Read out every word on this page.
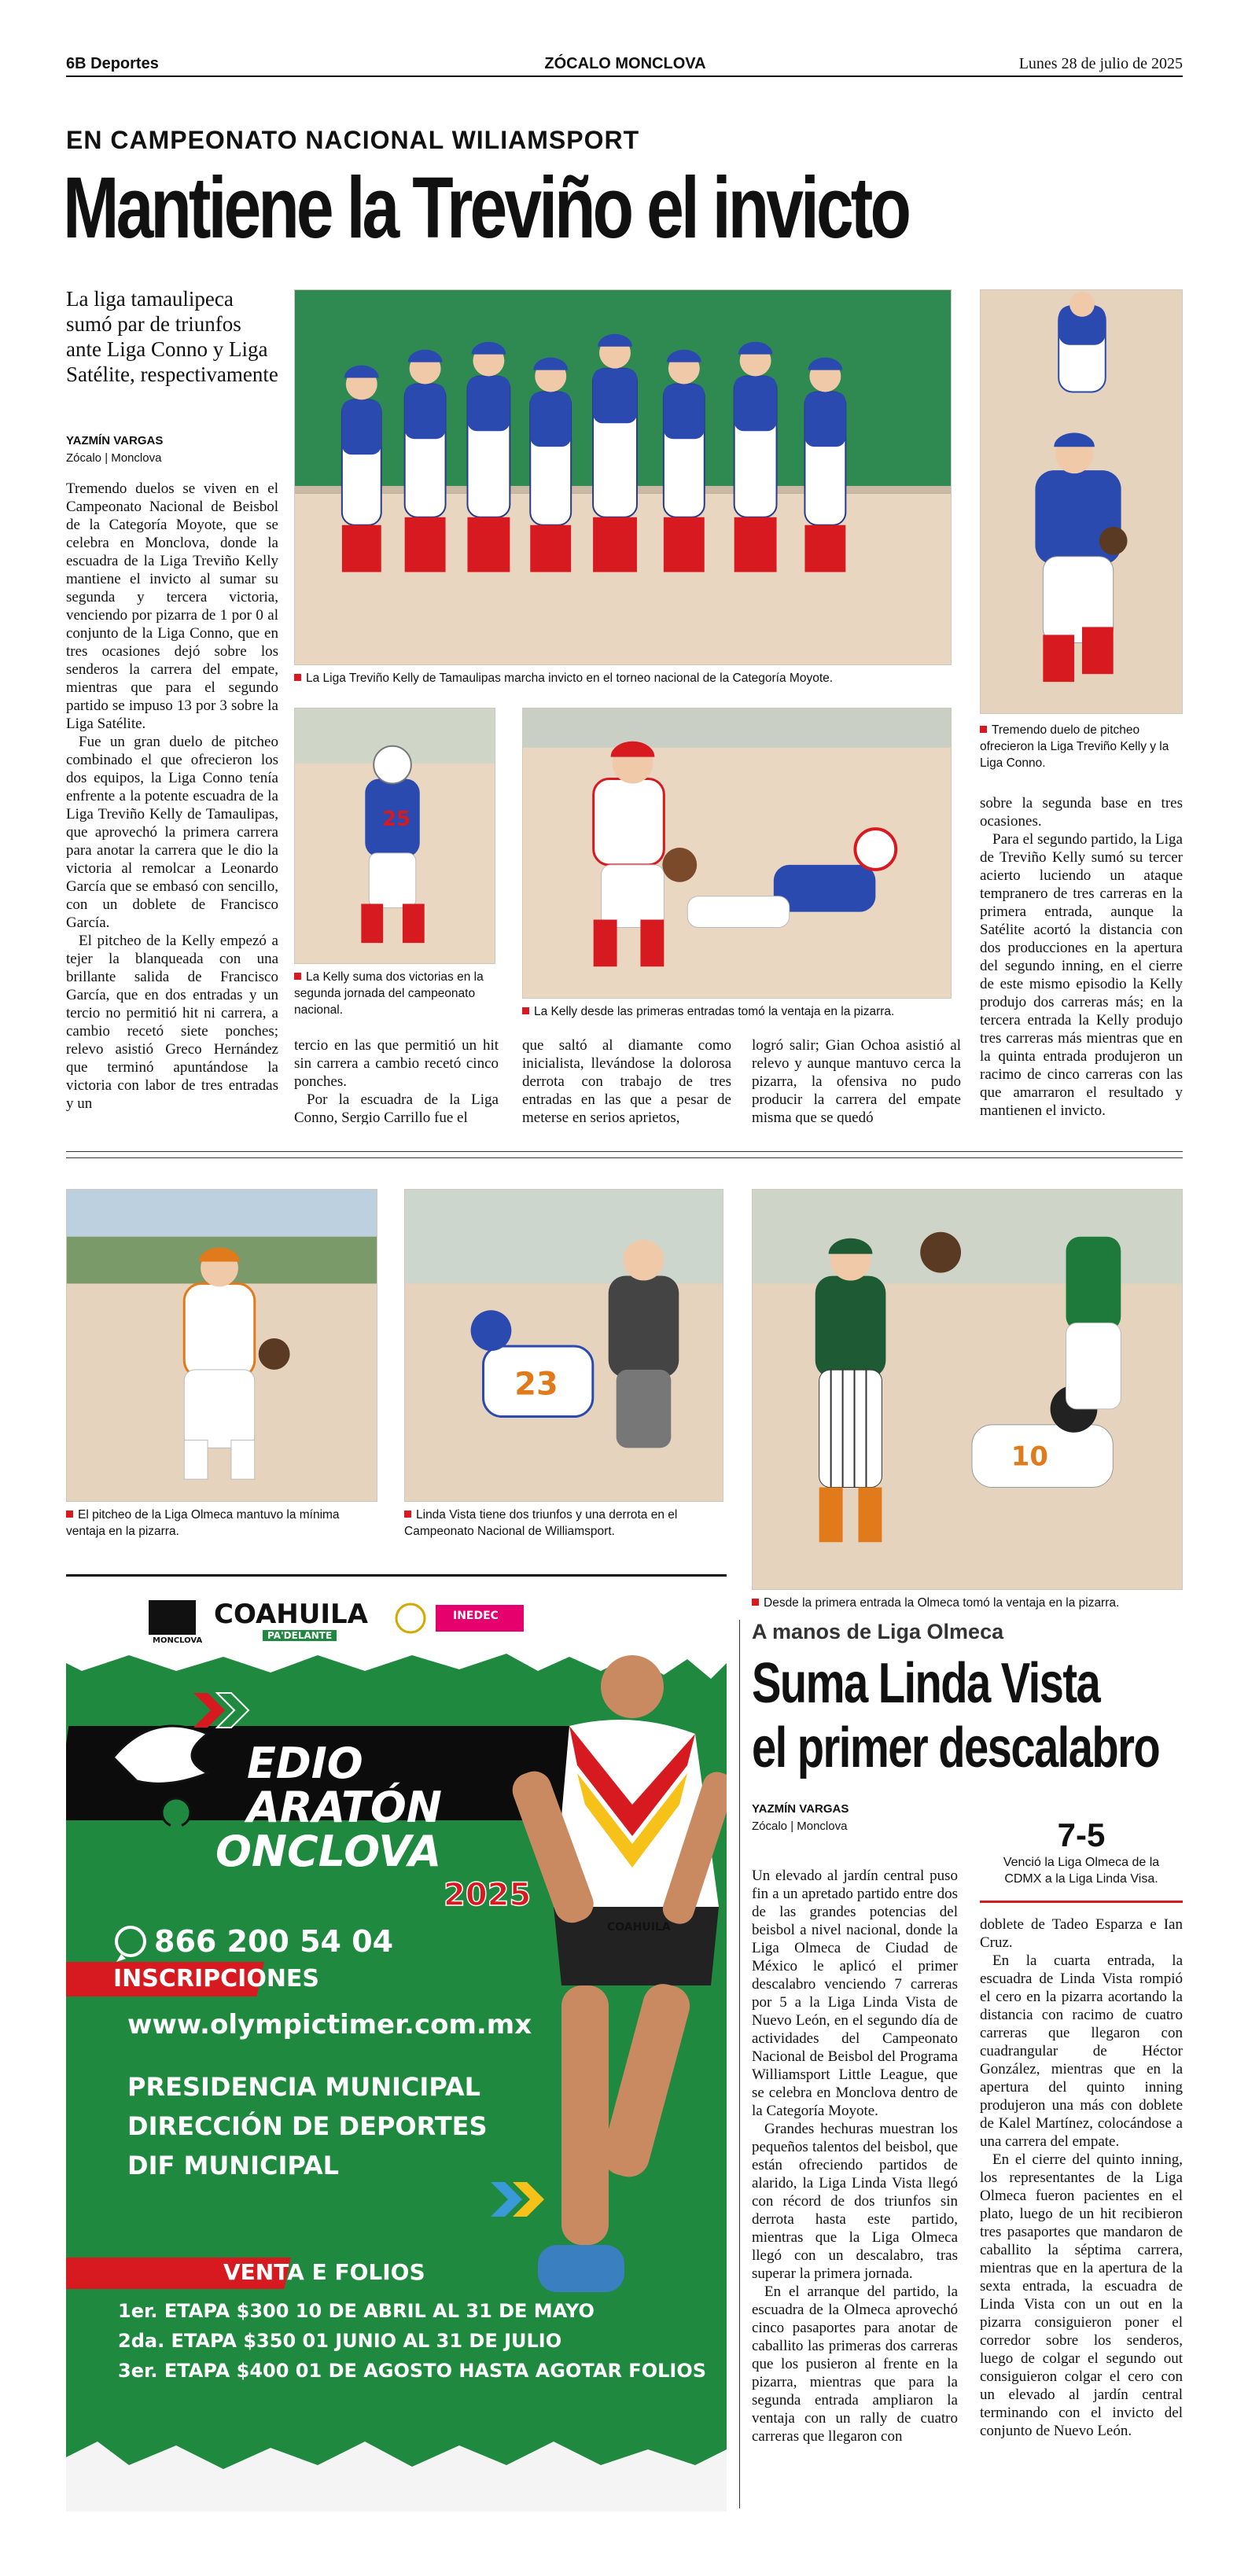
6B Deportes	ZÓCALO MONCLOVA	Lunes 28 de julio de 2025
EN CAMPEONATO NACIONAL WILIAMSPORT
Mantiene la Treviño el invicto
La liga tamaulipeca sumó par de triunfos ante Liga Conno y Liga Satélite, respectivamente
YAZMÍN VARGAS
Zócalo | Monclova

Tremendo duelos se viven en el Campeonato Nacional de Beisbol de la Categoría Moyote, que se celebra en Monclova, donde la escuadra de la Liga Treviño Kelly mantiene el invicto al sumar su segunda y tercera victoria, venciendo por pizarra de 1 por 0 al conjunto de la Liga Conno, que en tres ocasiones dejó sobre los senderos la carrera del empate, mientras que para el segundo partido se impuso 13 por 3 sobre la Liga Satélite.

Fue un gran duelo de pitcheo combinado el que ofrecieron los dos equipos, la Liga Conno tenía enfrente a la potente escuadra de la Liga Treviño Kelly de Tamaulipas, que aprovechó la primera carrera para anotar la carrera que le dio la victoria al remolcar a Leonardo García que se embasó con sencillo, con un doblete de Francisco García.

El pitcheo de la Kelly empezó a tejer la blanqueada con una brillante salida de Francisco García, que en dos entradas y un tercio no permitió hit ni carrera, a cambio recetó siete ponches; relevo asistió Greco Hernández que terminó apuntándose la victoria con labor de tres entradas y un

tercio en las que permitió un hit sin carrera a cambio recetó cinco ponches.

Por la escuadra de la Liga Conno, Sergio Carrillo fue el

que saltó al diamante como inicialista, llevándose la dolorosa derrota con trabajo de tres entradas en las que a pesar de meterse en serios aprietos,

logró salir; Gian Ochoa asistió al relevo y aunque mantuvo cerca la pizarra, la ofensiva no pudo producir la carrera del empate misma que se quedó

sobre la segunda base en tres ocasiones.

Para el segundo partido, la Liga de Treviño Kelly sumó su tercer acierto luciendo un ataque tempranero de tres carreras en la primera entrada, aunque la Satélite acortó la distancia con dos producciones en la apertura del segundo inning, en el cierre de este mismo episodio la Kelly produjo dos carreras más; en la tercera entrada la Kelly produjo tres carreras más mientras que en la quinta entrada produjeron un racimo de cinco carreras con las que amarraron el resultado y mantienen el invicto.

La Liga Treviño Kelly de Tamaulipas marcha invicto en el torneo nacional de la Categoría Moyote.
Tremendo duelo de pitcheo ofrecieron la Liga Treviño Kelly y la Liga Conno.
25
La Kelly suma dos victorias en la segunda jornada del campeonato nacional.	La Kelly desde las primeras entradas tomó la ventaja en la pizarra.
El pitcheo de la Liga Olmeca mantuvo la mínima ventaja en la pizarra.
23
Linda Vista tiene dos triunfos y una derrota en el Campeonato Nacional de Williamsport.
10
Desde la primera entrada la Olmeca tomó la ventaja en la pizarra.
A manos de Liga Olmeca
Suma Linda Vista
el primer descalabro
YAZMÍN VARGAS
Zócalo | Monclova	7-5
Venció la Liga Olmeca de la CDMX a la Liga Linda Visa.

Un elevado al jardín central puso fin a un apretado partido entre dos de las grandes potencias del beisbol a nivel nacional, donde la Liga Olmeca de Ciudad de México le aplicó el primer descalabro venciendo 7 carreras por 5 a la Liga Linda Vista de Nuevo León, en el segundo día de actividades del Campeonato Nacional de Beisbol del Programa Williamsport Little League, que se celebra en Monclova dentro de la Categoría Moyote.

Grandes hechuras muestran los pequeños talentos del beisbol, que están ofreciendo partidos de alarido, la Liga Linda Vista llegó con récord de dos triunfos sin derrota hasta este partido, mientras que la Liga Olmeca llegó con un descalabro, tras superar la primera jornada.

En el arranque del partido, la escuadra de la Olmeca aprovechó cinco pasaportes para anotar de caballito las primeras dos carreras que los pusieron al frente en la pizarra, mientras que para la segunda entrada ampliaron la ventaja con un rally de cuatro carreras que llegaron con

doblete de Tadeo Esparza e Ian Cruz.

En la cuarta entrada, la escuadra de Linda Vista rompió el cero en la pizarra acortando la distancia con racimo de cuatro carreras que llegaron con cuadrangular de Héctor González, mientras que en la apertura del quinto inning produjeron una más con doblete de Kalel Martínez, colocándose a una carrera del empate.

En el cierre del quinto inning, los representantes de la Liga Olmeca fueron pacientes en el plato, luego de un hit recibieron tres pasaportes que mandaron de caballito la séptima carrera, mientras que en la apertura de la sexta entrada, la escuadra de Linda Vista con un out en la pizarra consiguieron poner el corredor sobre los senderos, luego de colgar el segundo out consiguieron colgar el cero con un elevado al jardín central terminando con el invicto del conjunto de Nuevo León.

MONCLOVA
COAHUILA
PA'DELANTE
INEDEC
EDIO
ARATÓN
ONCLOVA
2025
COAHUILA
866 200 54 04
INSCRIPCIONES
www.olympictimer.com.mx
PRESIDENCIA MUNICIPAL
DIRECCIÓN DE DEPORTES
DIF MUNICIPAL
VENTA E FOLIOS
1er. ETAPA $300 10 DE ABRIL AL 31 DE MAYO
2da. ETAPA $350 01 JUNIO AL 31 DE JULIO
3er. ETAPA $400 01 DE AGOSTO HASTA AGOTAR FOLIOS
